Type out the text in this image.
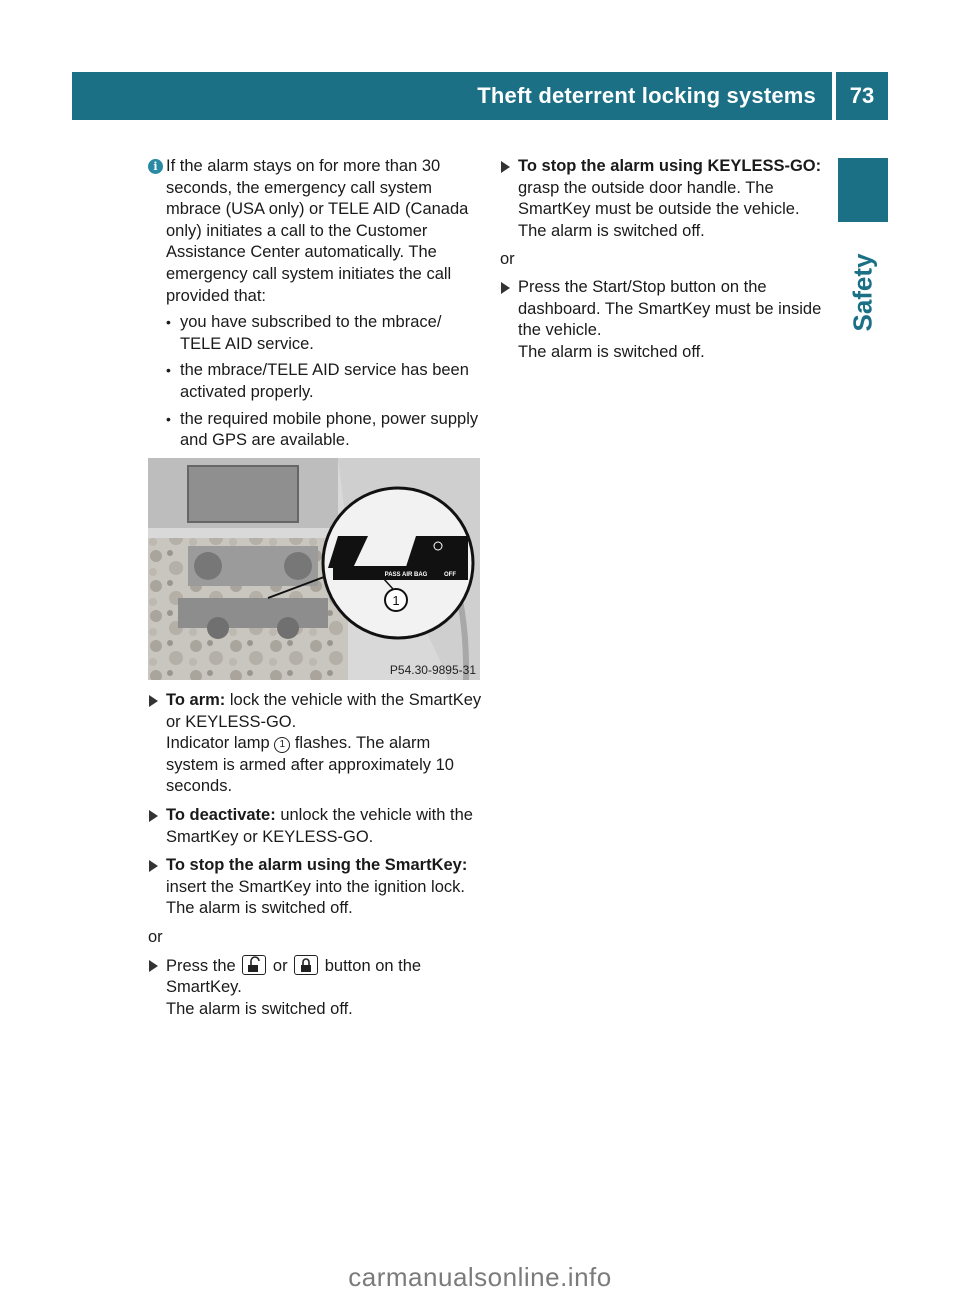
Theft deterrent locking systems	73
Safety
i If the alarm stays on for more than 30 seconds, the emergency call system mbrace (USA only) or TELE AID (Canada only) initiates a call to the Customer Assistance Center automatically. The emergency call system initiates the call provided that:

• you have subscribed to the mbrace/ TELE AID service.
• the mbrace/TELE AID service has been activated properly.
• the required mobile phone, power supply and GPS are available.
1
PASS AIR BAG	OFF
P54.30-9895-31
To arm: lock the vehicle with the SmartKey or KEYLESS-GO.
Indicator lamp 1 flashes. The alarm system is armed after approximately 10 seconds.
To deactivate: unlock the vehicle with the SmartKey or KEYLESS-GO.
To stop the alarm using the SmartKey:
insert the SmartKey into the ignition lock.
The alarm is switched off.
or
Press the or button on the SmartKey.
The alarm is switched off.
To stop the alarm using KEYLESS-GO:
grasp the outside door handle. The SmartKey must be outside the vehicle.
The alarm is switched off.
or
Press the Start/Stop button on the dashboard. The SmartKey must be inside the vehicle.
The alarm is switched off.
carmanualsonline.info
